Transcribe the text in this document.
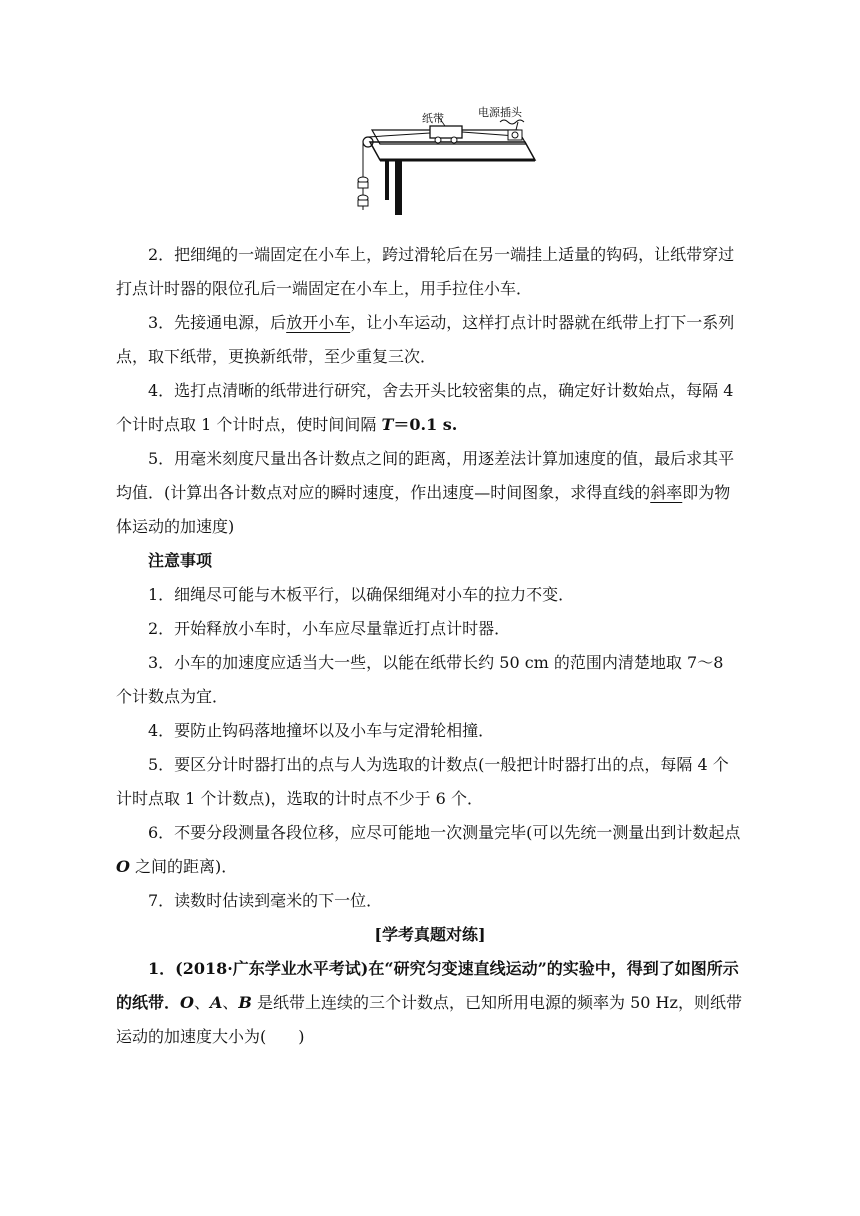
纸带	电源插头

2．把细绳的一端固定在小车上，跨过滑轮后在另一端挂上适量的钩码，让纸带穿过打点计时器的限位孔后一端固定在小车上，用手拉住小车．

3．先接通电源，后放开小车，让小车运动，这样打点计时器就在纸带上打下一系列点，取下纸带，更换新纸带，至少重复三次．

4．选打点清晰的纸带进行研究，舍去开头比较密集的点，确定好计数始点，每隔 4 个计时点取 1 个计时点，使时间间隔 T＝0.1 s.

5．用毫米刻度尺量出各计数点之间的距离，用逐差法计算加速度的值，最后求其平均值．(计算出各计数点对应的瞬时速度，作出速度—时间图象，求得直线的斜率即为物体运动的加速度)

注意事项

1．细绳尽可能与木板平行，以确保细绳对小车的拉力不变．

2．开始释放小车时，小车应尽量靠近打点计时器．

3．小车的加速度应适当大一些，以能在纸带长约 50 cm 的范围内清楚地取 7～8 个计数点为宜．

4．要防止钩码落地撞坏以及小车与定滑轮相撞．

5．要区分计时器打出的点与人为选取的计数点(一般把计时器打出的点，每隔 4 个计时点取 1 个计数点)，选取的计时点不少于 6 个．

6．不要分段测量各段位移，应尽可能地一次测量完毕(可以先统一测量出到计数起点 O 之间的距离)．

7．读数时估读到毫米的下一位．

[学考真题对练]

1．(2018·广东学业水平考试)在“研究匀变速直线运动”的实验中，得到了如图所示的纸带．O、A、B 是纸带上连续的三个计数点，已知所用电源的频率为 50 Hz，则纸带运动的加速度大小为(　　)
